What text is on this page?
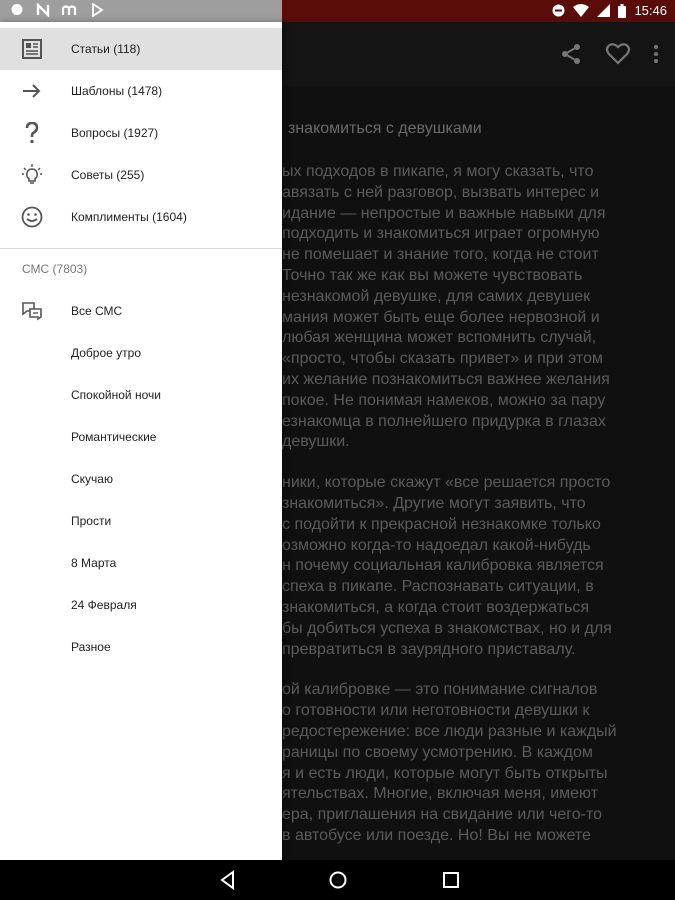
15:46
знакомиться с девушками

ых подходов в пикапе, я могу сказать, что
авязать с ней разговор, вызвать интерес и
идание — непростые и важные навыки для
подходить и знакомиться играет огромную
не помешает и знание того, когда не стоит
Точно так же как вы можете чувствовать
незнакомой девушке, для самих девушек
мания может быть еще более нервозной и
любая женщина может вспомнить случай,
«просто, чтобы сказать привет» и при этом
их желание познакомиться важнее желания
покое. Не понимая намеков, можно за пару
езнакомца в полнейшего придурка в глазах
девушки.

ники, которые скажут «все решается просто
знакомиться». Другие могут заявить, что
с подойти к прекрасной незнакомке только
озможно когда-то надоедал какой-нибудь
н почему социальная калибровка является
спеха в пикапе. Распознавать ситуации, в
знакомиться, а когда стоит воздержаться
бы добиться успеха в знакомствах, но и для
превратиться в заурядного приставалу.

ой калибровке — это понимание сигналов
о готовности или неготовности девушки к
редостережение: все люди разные и каждый
раницы по своему усмотрению. В каждом
я и есть люди, которые могут быть открыты
ятельствах. Многие, включая меня, имеют
ера, приглашения на свидание или чего-то
в автобусе или поезде. Но! Вы не можете

Статьи (118)
Шаблоны (1478)
Вопросы (1927)
Советы (255)
Комплименты (1604)
СМС (7803)
Все СМС
Доброе утро
Спокойной ночи
Романтические
Скучаю
Прости
8 Марта
24 Февраля
Разное
